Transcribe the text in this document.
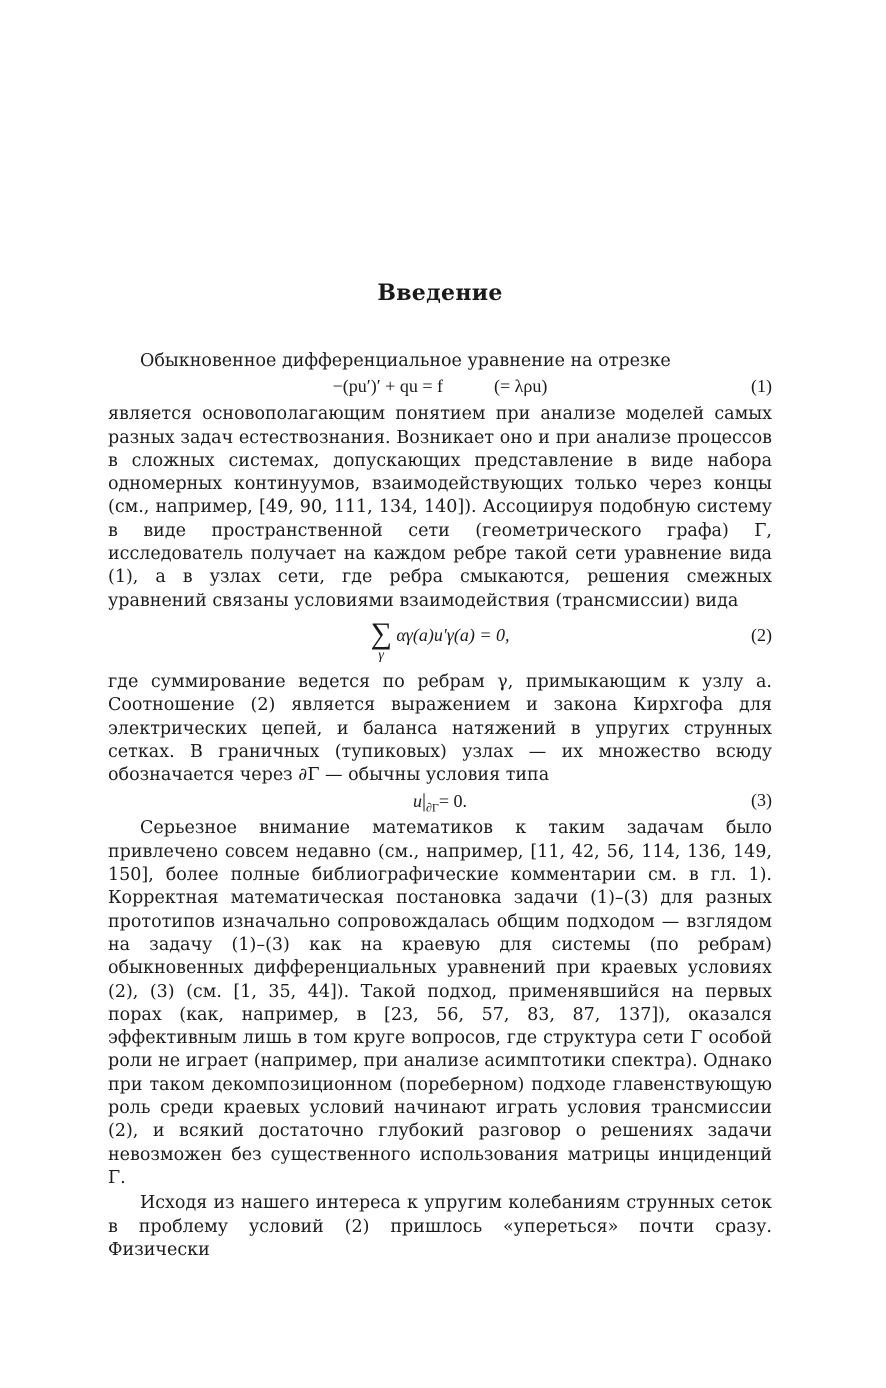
Введение

Обыкновенное дифференциальное уравнение на отрезке

−(pu′)′ + qu = f	(= λρu)	(1)

является основополагающим понятием при анализе моделей самых разных задач естествознания. Возникает оно и при анализе процессов в сложных системах, допускающих представление в виде набора одномерных континуумов, взаимодействующих только через концы (см., например, [49, 90, 111, 134, 140]). Ассоциируя подобную систему в виде пространственной сети (геометрического графа) Γ, исследователь получает на каждом ребре такой сети уравнение вида (1), а в узлах сети, где ребра смыкаются, решения смежных уравнений связаны условиями взаимодействия (трансмиссии) вида

∑
γ
αγ(a)u′γ(a) = 0,	(2)

где суммирование ведется по ребрам γ, примыкающим к узлу a. Соотношение (2) является выражением и закона Кирхгофа для электрических цепей, и баланса натяжений в упругих струнных сетках. В граничных (тупиковых) узлах — их множество всюду обозначается через ∂Γ — обычны условия типа

$u|_{\partial\Gamma}= 0$.	(3)

Серьезное внимание математиков к таким задачам было привлечено совсем недавно (см., например, [11, 42, 56, 114, 136, 149, 150], более полные библиографические комментарии см. в гл. 1). Корректная математическая постановка задачи (1)–(3) для разных прототипов изначально сопровождалась общим подходом — взглядом на задачу (1)–(3) как на краевую для системы (по ребрам) обыкновенных дифференциальных уравнений при краевых условиях (2), (3) (см. [1, 35, 44]). Такой подход, применявшийся на первых порах (как, например, в [23, 56, 57, 83, 87, 137]), оказался эффективным лишь в том круге вопросов, где структура сети Γ особой роли не играет (например, при анализе асимптотики спектра). Однако при таком декомпозиционном (пореберном) подходе главенствующую роль среди краевых условий начинают играть условия трансмиссии (2), и всякий достаточно глубокий разговор о решениях задачи невозможен без существенного использования матрицы инциденций Γ.

Исходя из нашего интереса к упругим колебаниям струнных сеток в проблему условий (2) пришлось «упереться» почти сразу. Физически
